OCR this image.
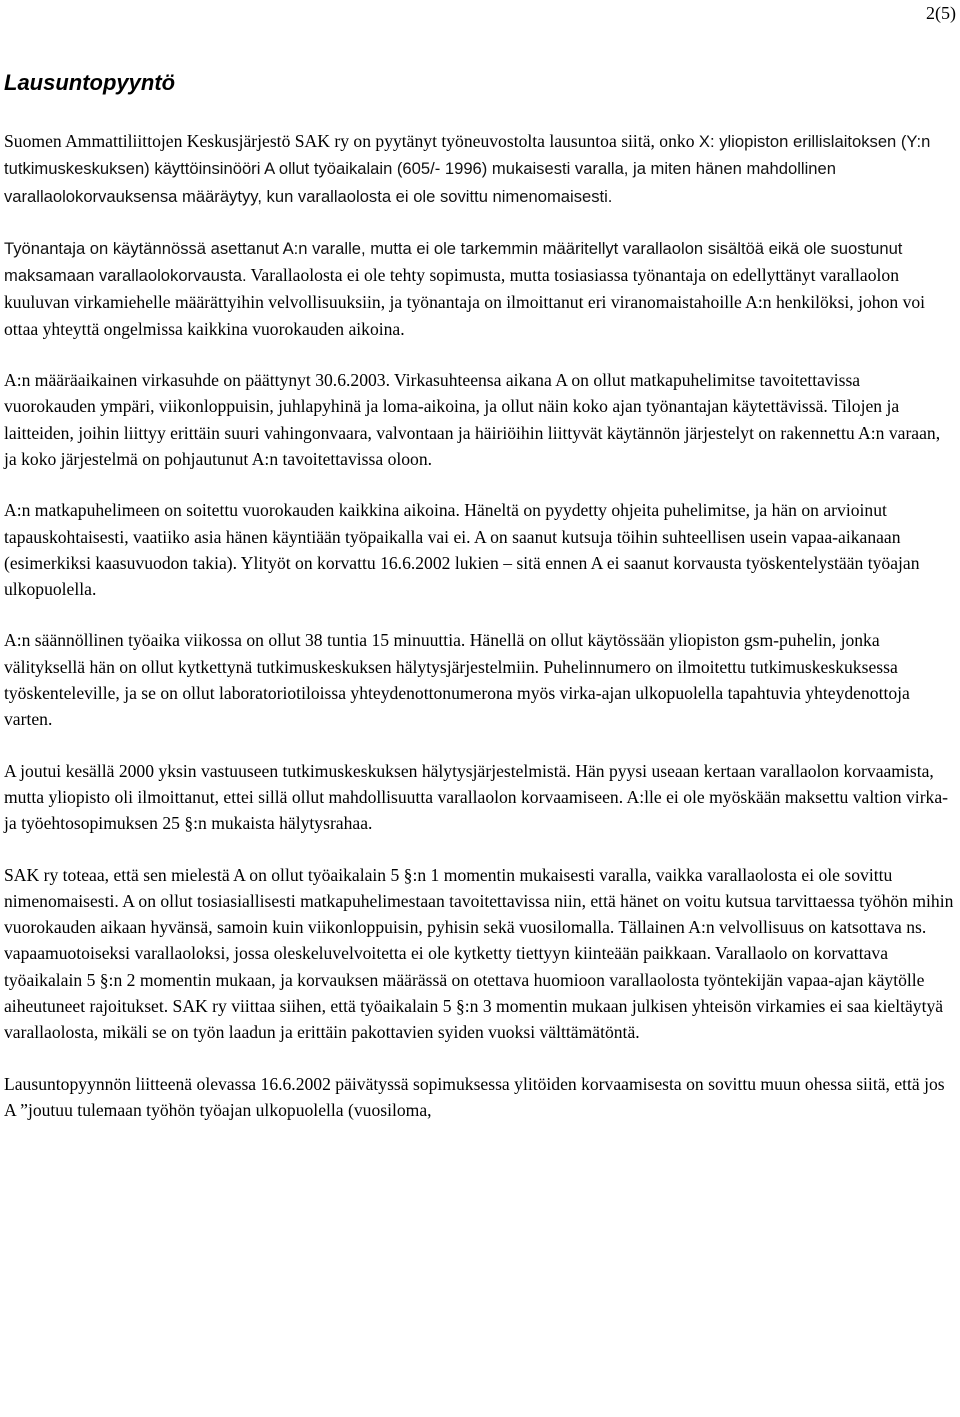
2(5)
Lausuntopyyntö

Suomen Ammattiliittojen Keskusjärjestö SAK ry on pyytänyt työneuvostolta lausuntoa siitä, onko X: yliopiston erillislaitoksen (Y:n tutkimuskeskuksen) käyttöinsinööri A ollut työaikalain (605/- 1996) mukaisesti varalla, ja miten hänen mahdollinen varallaolokorvauksensa määräytyy, kun varallaolosta ei ole sovittu nimenomaisesti.

Työnantaja on käytännössä asettanut A:n varalle, mutta ei ole tarkemmin määritellyt varallaolon sisältöä eikä ole suostunut maksamaan varallaolokorvausta. Varallaolosta ei ole tehty sopimusta, mutta tosiasiassa työnantaja on edellyttänyt varallaolon kuuluvan virkamiehelle määrättyihin velvollisuuksiin, ja työnantaja on ilmoittanut eri viranomaistahoille A:n henkilöksi, johon voi ottaa yhteyttä ongelmissa kaikkina vuorokauden aikoina.

A:n määräaikainen virkasuhde on päättynyt 30.6.2003. Virkasuhteensa aikana A on ollut matkapuhelimitse tavoitettavissa vuorokauden ympäri, viikonloppuisin, juhlapyhinä ja loma-aikoina, ja ollut näin koko ajan työnantajan käytettävissä. Tilojen ja laitteiden, joihin liittyy erittäin suuri vahingonvaara, valvontaan ja häiriöihin liittyvät käytännön järjestelyt on rakennettu A:n varaan, ja koko järjestelmä on pohjautunut A:n tavoitettavissa oloon.

A:n matkapuhelimeen on soitettu vuorokauden kaikkina aikoina. Häneltä on pyydetty ohjeita puhelimitse, ja hän on arvioinut tapauskohtaisesti, vaatiiko asia hänen käyntiään työpaikalla vai ei. A on saanut kutsuja töihin suhteellisen usein vapaa-aikanaan (esimerkiksi kaasuvuodon takia). Ylityöt on korvattu 16.6.2002 lukien – sitä ennen A ei saanut korvausta työskentelystään työajan ulkopuolella.

A:n säännöllinen työaika viikossa on ollut 38 tuntia 15 minuuttia. Hänellä on ollut käytössään yliopiston gsm-puhelin, jonka välityksellä hän on ollut kytkettynä tutkimuskeskuksen hälytysjärjestelmiin. Puhelinnumero on ilmoitettu tutkimuskeskuksessa työskenteleville, ja se on ollut laboratoriotiloissa yhteydenottonumerona myös virka-ajan ulkopuolella tapahtuvia yhteydenottoja varten.

A joutui kesällä 2000 yksin vastuuseen tutkimuskeskuksen hälytysjärjestelmistä. Hän pyysi useaan kertaan varallaolon korvaamista, mutta yliopisto oli ilmoittanut, ettei sillä ollut mahdollisuutta varallaolon korvaamiseen. A:lle ei ole myöskään maksettu valtion virka- ja työehtosopimuksen 25 §:n mukaista hälytysrahaa.

SAK ry toteaa, että sen mielestä A on ollut työaikalain 5 §:n 1 momentin mukaisesti varalla, vaikka varallaolosta ei ole sovittu nimenomaisesti. A on ollut tosiasiallisesti matkapuhelimestaan tavoitettavissa niin, että hänet on voitu kutsua tarvittaessa työhön mihin vuorokauden aikaan hyvänsä, samoin kuin viikonloppuisin, pyhisin sekä vuosilomalla. Tällainen A:n velvollisuus on katsottava ns. vapaamuotoiseksi varallaoloksi, jossa oleskeluvelvoitetta ei ole kytketty tiettyyn kiinteään paikkaan. Varallaolo on korvattava työaikalain 5 §:n 2 momentin mukaan, ja korvauksen määrässä on otettava huomioon varallaolosta työntekijän vapaa-ajan käytölle aiheutuneet rajoitukset. SAK ry viittaa siihen, että työaikalain 5 §:n 3 momentin mukaan julkisen yhteisön virkamies ei saa kieltäytyä varallaolosta, mikäli se on työn laadun ja erittäin pakottavien syiden vuoksi välttämätöntä.

Lausuntopyynnön liitteenä olevassa 16.6.2002 päivätyssä sopimuksessa ylitöiden korvaamisesta on sovittu muun ohessa siitä, että jos A ”joutuu tulemaan työhön työajan ulkopuolella (vuosiloma,
